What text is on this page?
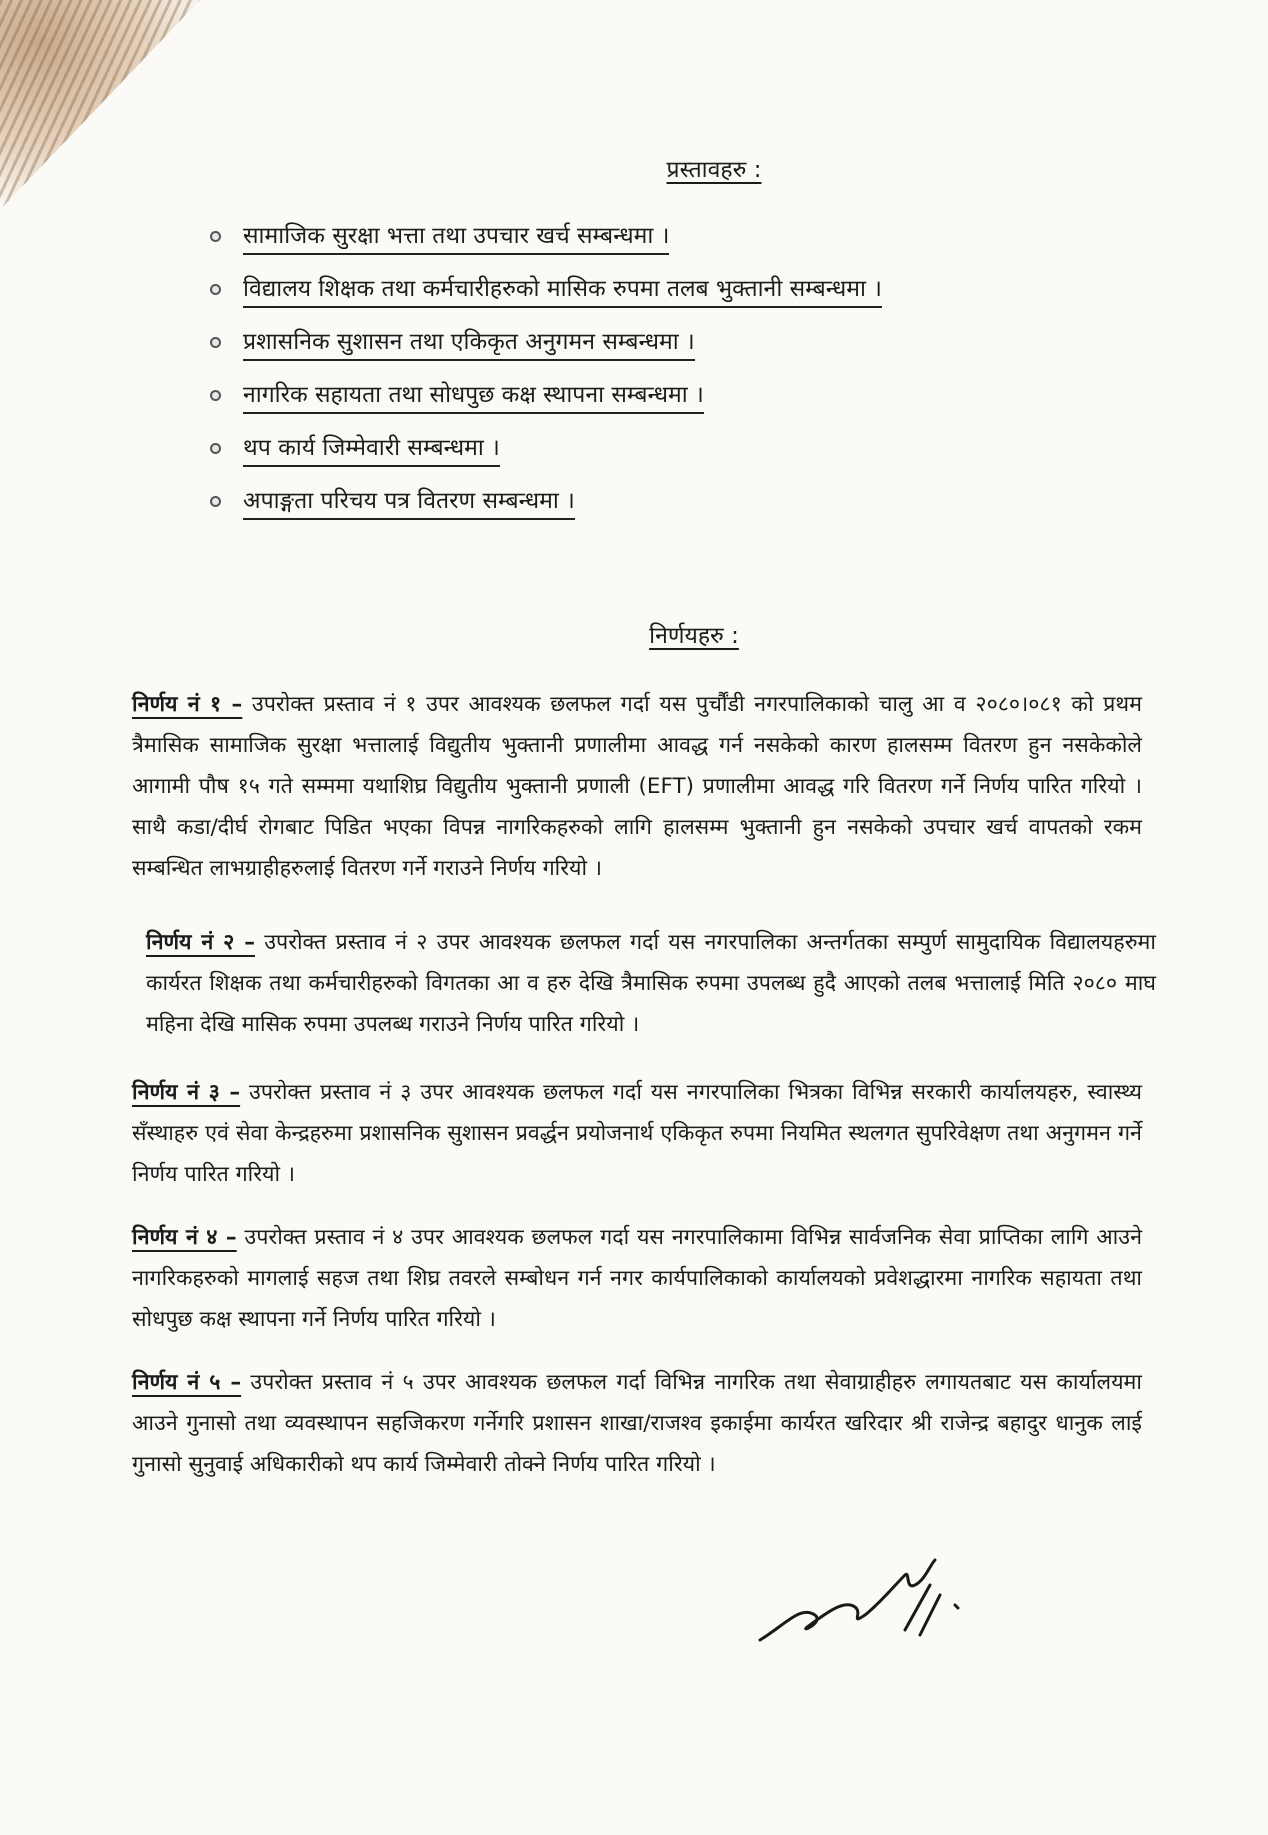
प्रस्तावहरु :
सामाजिक सुरक्षा भत्ता तथा उपचार खर्च सम्बन्धमा ।
विद्यालय शिक्षक तथा कर्मचारीहरुको मासिक रुपमा तलब भुक्तानी सम्बन्धमा ।
प्रशासनिक सुशासन तथा एकिकृत अनुगमन सम्बन्धमा ।
नागरिक सहायता तथा सोधपुछ कक्ष स्थापना सम्बन्धमा ।
थप कार्य जिम्मेवारी सम्बन्धमा ।
अपाङ्गता परिचय पत्र वितरण सम्बन्धमा ।
निर्णयहरु :

निर्णय नं १ – उपरोक्त प्रस्ताव नं १ उपर आवश्यक छलफल गर्दा यस पुर्चौंडी नगरपालिकाको चालु आ व २०८०।०८१ को प्रथम त्रैमासिक सामाजिक सुरक्षा भत्तालाई विद्युतीय भुक्तानी प्रणालीमा आवद्ध गर्न नसकेको कारण हालसम्म वितरण हुन नसकेकोले आगामी पौष १५ गते सम्ममा यथाशिघ्र विद्युतीय भुक्तानी प्रणाली (EFT) प्रणालीमा आवद्ध गरि वितरण गर्ने निर्णय पारित गरियो । साथै कडा/दीर्घ रोगबाट पिडित भएका विपन्न नागरिकहरुको लागि हालसम्म भुक्तानी हुन नसकेको उपचार खर्च वापतको रकम सम्बन्धित लाभग्राहीहरुलाई वितरण गर्ने गराउने निर्णय गरियो ।

निर्णय नं २ – उपरोक्त प्रस्ताव नं २ उपर आवश्यक छलफल गर्दा यस नगरपालिका अन्तर्गतका सम्पुर्ण सामुदायिक विद्यालयहरुमा कार्यरत शिक्षक तथा कर्मचारीहरुको विगतका आ व हरु देखि त्रैमासिक रुपमा उपलब्ध हुदै आएको तलब भत्तालाई मिति २०८० माघ महिना देखि मासिक रुपमा उपलब्ध गराउने निर्णय पारित गरियो ।

निर्णय नं ३ – उपरोक्त प्रस्ताव नं ३ उपर आवश्यक छलफल गर्दा यस नगरपालिका भित्रका विभिन्न सरकारी कार्यालयहरु, स्वास्थ्य सँस्थाहरु एवं सेवा केन्द्रहरुमा प्रशासनिक सुशासन प्रवर्द्धन प्रयोजनार्थ एकिकृत रुपमा नियमित स्थलगत सुपरिवेक्षण तथा अनुगमन गर्ने निर्णय पारित गरियो ।

निर्णय नं ४ – उपरोक्त प्रस्ताव नं ४ उपर आवश्यक छलफल गर्दा यस नगरपालिकामा विभिन्न सार्वजनिक सेवा प्राप्तिका लागि आउने नागरिकहरुको मागलाई सहज तथा शिघ्र तवरले सम्बोधन गर्न नगर कार्यपालिकाको कार्यालयको प्रवेशद्धारमा नागरिक सहायता तथा सोधपुछ कक्ष स्थापना गर्ने निर्णय पारित गरियो ।

निर्णय नं ५ – उपरोक्त प्रस्ताव नं ५ उपर आवश्यक छलफल गर्दा विभिन्न नागरिक तथा सेवाग्राहीहरु लगायतबाट यस कार्यालयमा आउने गुनासो तथा व्यवस्थापन सहजिकरण गर्नेगरि प्रशासन शाखा/राजश्व इकाईमा कार्यरत खरिदार श्री राजेन्द्र बहादुर धानुक लाई गुनासो सुनुवाई अधिकारीको थप कार्य जिम्मेवारी तोक्ने निर्णय पारित गरियो ।
